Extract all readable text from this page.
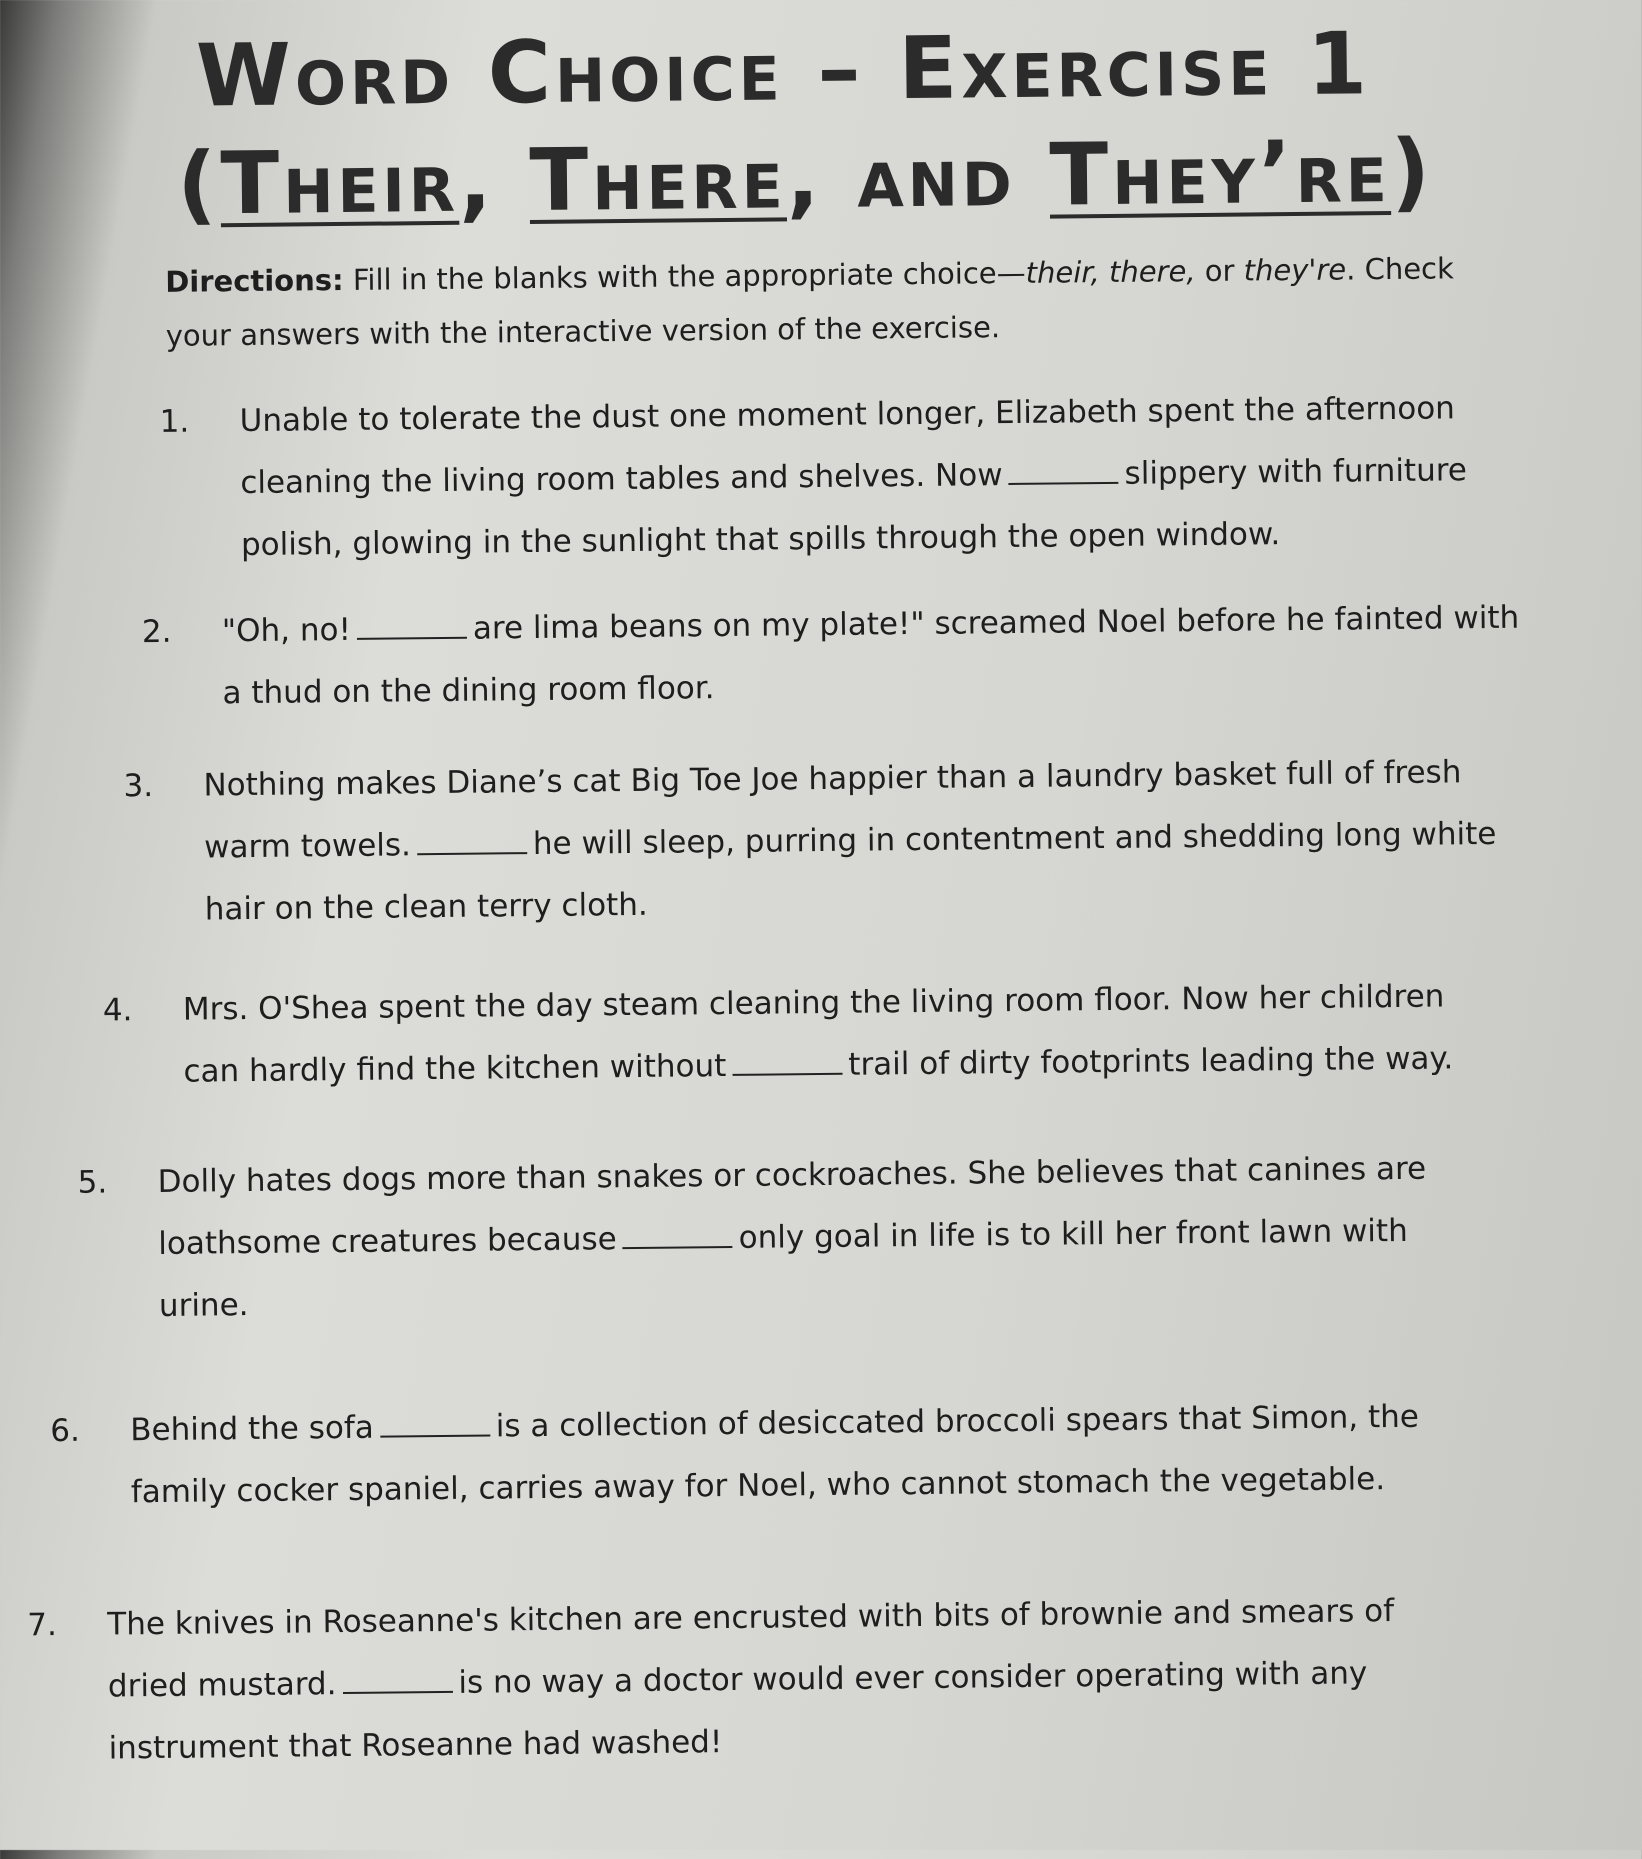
Word Choice – Exercise 1
(Their, There, and They’re)
Directions: Fill in the blanks with the appropriate choice—their, there, or they're. Check your answers with the interactive version of the exercise.
1. Unable to tolerate the dust one moment longer, Elizabeth spent the afternoon
cleaning the living room tables and shelves. Now	slippery with furniture
polish, glowing in the sunlight that spills through the open window.
2. "Oh, no!	are lima beans on my plate!" screamed Noel before he fainted with
a thud on the dining room floor.
3. Nothing makes Diane’s cat Big Toe Joe happier than a laundry basket full of fresh
warm towels.	he will sleep, purring in contentment and shedding long white
hair on the clean terry cloth.
4. Mrs. O'Shea spent the day steam cleaning the living room floor. Now her children
can hardly find the kitchen without	trail of dirty footprints leading the way.
5. Dolly hates dogs more than snakes or cockroaches. She believes that canines are
loathsome creatures because	only goal in life is to kill her front lawn with
urine.
6. Behind the sofa	is a collection of desiccated broccoli spears that Simon, the
family cocker spaniel, carries away for Noel, who cannot stomach the vegetable.
7. The knives in Roseanne's kitchen are encrusted with bits of brownie and smears of
dried mustard.	is no way a doctor would ever consider operating with any
instrument that Roseanne had washed!
